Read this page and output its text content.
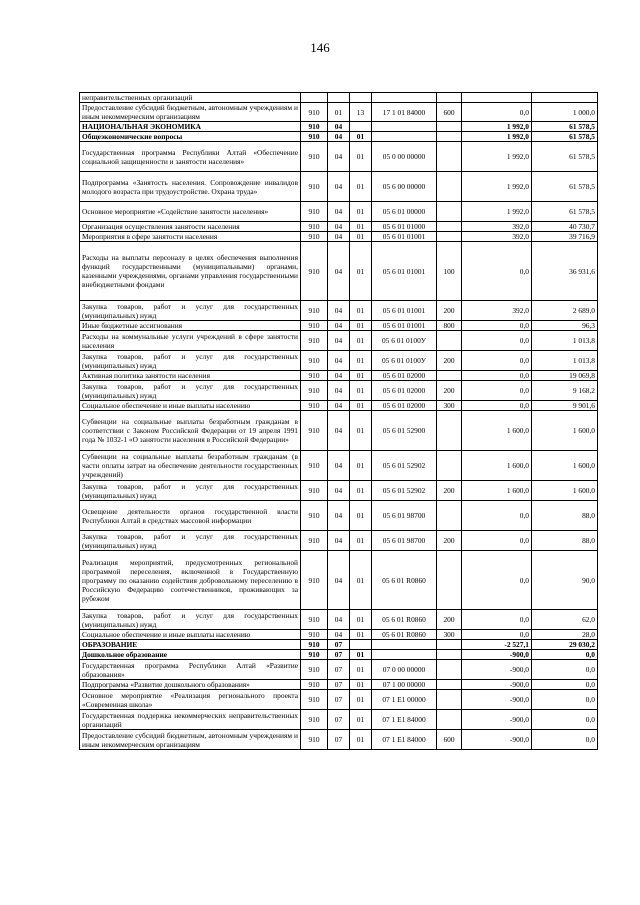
146
неправительственных организаций							
Предоставление субсидий бюджетным, автономным учреждениям и иным некоммерческим организациям	910	01	13	17 1 01 84000	600	0,0	1 000,0
НАЦИОНАЛЬНАЯ ЭКОНОМИКА	910	04				1 992,0	61 578,5
Общеэкономические вопросы	910	04	01			1 992,0	61 578,5
Государственная программа Республики Алтай «Обеспечение социальной защищенности и занятости населения»	910	04	01	05 0 00 00000		1 992,0	61 578,5
Подпрограмма «Занятость населения. Сопровождение инвалидов молодого возраста при трудоустройстве. Охрана труда»	910	04	01	05 6 00 00000		1 992,0	61 578,5
Основное мероприятие «Содействие занятости населения»	910	04	01	05 6 01 00000		1 992,0	61 578,5
Организация осуществления занятости населения	910	04	01	05 6 01 01000		392,0	40 730,7
Мероприятия в сфере занятости населения	910	04	01	05 6 01 01001		392,0	39 716,9
Расходы на выплаты персоналу в целях обеспечения выполнения функций государственными (муниципальными) органами, казенными учреждениями, органами управления государственными внебюджетными фондами	910	04	01	05 6 01 01001	100	0,0	36 931,6
Закупка товаров, работ и услуг для государственных (муниципальных) нужд	910	04	01	05 6 01 01001	200	392,0	2 689,0
Иные бюджетные ассигнования	910	04	01	05 6 01 01001	800	0,0	96,3
Расходы на коммунальные услуги учреждений в сфере занятости населения	910	04	01	05 6 01 0100У		0,0	1 013,8
Закупка товаров, работ и услуг для государственных (муниципальных) нужд	910	04	01	05 6 01 0100У	200	0,0	1 013,8
Активная политика занятости населения	910	04	01	05 6 01 02000		0,0	19 069,8
Закупка товаров, работ и услуг для государственных (муниципальных) нужд	910	04	01	05 6 01 02000	200	0,0	9 168,2
Социальное обеспечение и иные выплаты населению	910	04	01	05 6 01 02000	300	0,0	9 901,6
Субвенции на социальные выплаты безработным гражданам в соответствии с Законом Российской Федерации от 19 апреля 1991 года № 1032-1 «О занятости населения в Российской Федерации»	910	04	01	05 6 01 52900		1 600,0	1 600,0
Субвенции на социальные выплаты безработным гражданам (в части оплаты затрат на обеспечение деятельности государственных учреждений)	910	04	01	05 6 01 52902		1 600,0	1 600,0
Закупка товаров, работ и услуг для государственных (муниципальных) нужд	910	04	01	05 6 01 52902	200	1 600,0	1 600,0
Освещение деятельности органов государственной власти Республики Алтай в средствах массовой информации	910	04	01	05 6 01 98700		0,0	88,0
Закупка товаров, работ и услуг для государственных (муниципальных) нужд	910	04	01	05 6 01 98700	200	0,0	88,0
Реализация мероприятий, предусмотренных региональной программой переселения, включенной в Государственную программу по оказанию содействия добровольному переселению в Российскую Федерацию соотечественников, проживающих за рубежом	910	04	01	05 6 01 R0860		0,0	90,0
Закупка товаров, работ и услуг для государственных (муниципальных) нужд	910	04	01	05 6 01 R0860	200	0,0	62,0
Социальное обеспечение и иные выплаты населению	910	04	01	05 6 01 R0860	300	0,0	28,0
ОБРАЗОВАНИЕ	910	07				-2 527,1	29 030,2
Дошкольное образование	910	07	01			-900,0	0,0
Государственная программа Республики Алтай «Развитие образования»	910	07	01	07 0 00 00000		-900,0	0,0
Подпрограмма «Развитие дошкольного образования»	910	07	01	07 1 00 00000		-900,0	0,0
Основное мероприятие «Реализация регионального проекта «Современная школа»	910	07	01	07 1 E1 00000		-900,0	0,0
Государственная поддержка некоммерческих неправительственных организаций	910	07	01	07 1 E1 84000		-900,0	0,0
Предоставление субсидий бюджетным, автономным учреждениям и иным некоммерческим организациям	910	07	01	07 1 E1 84000	600	-900,0	0,0
